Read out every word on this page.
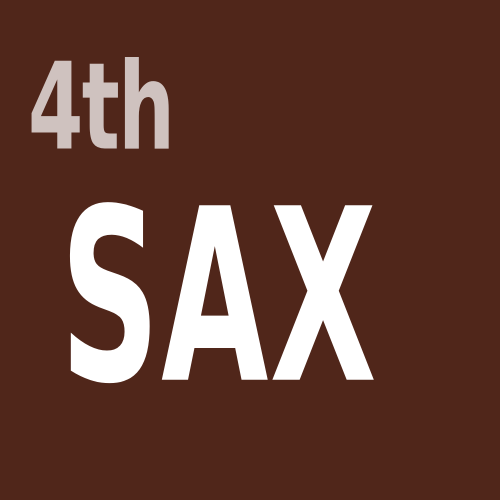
4th
SAX
